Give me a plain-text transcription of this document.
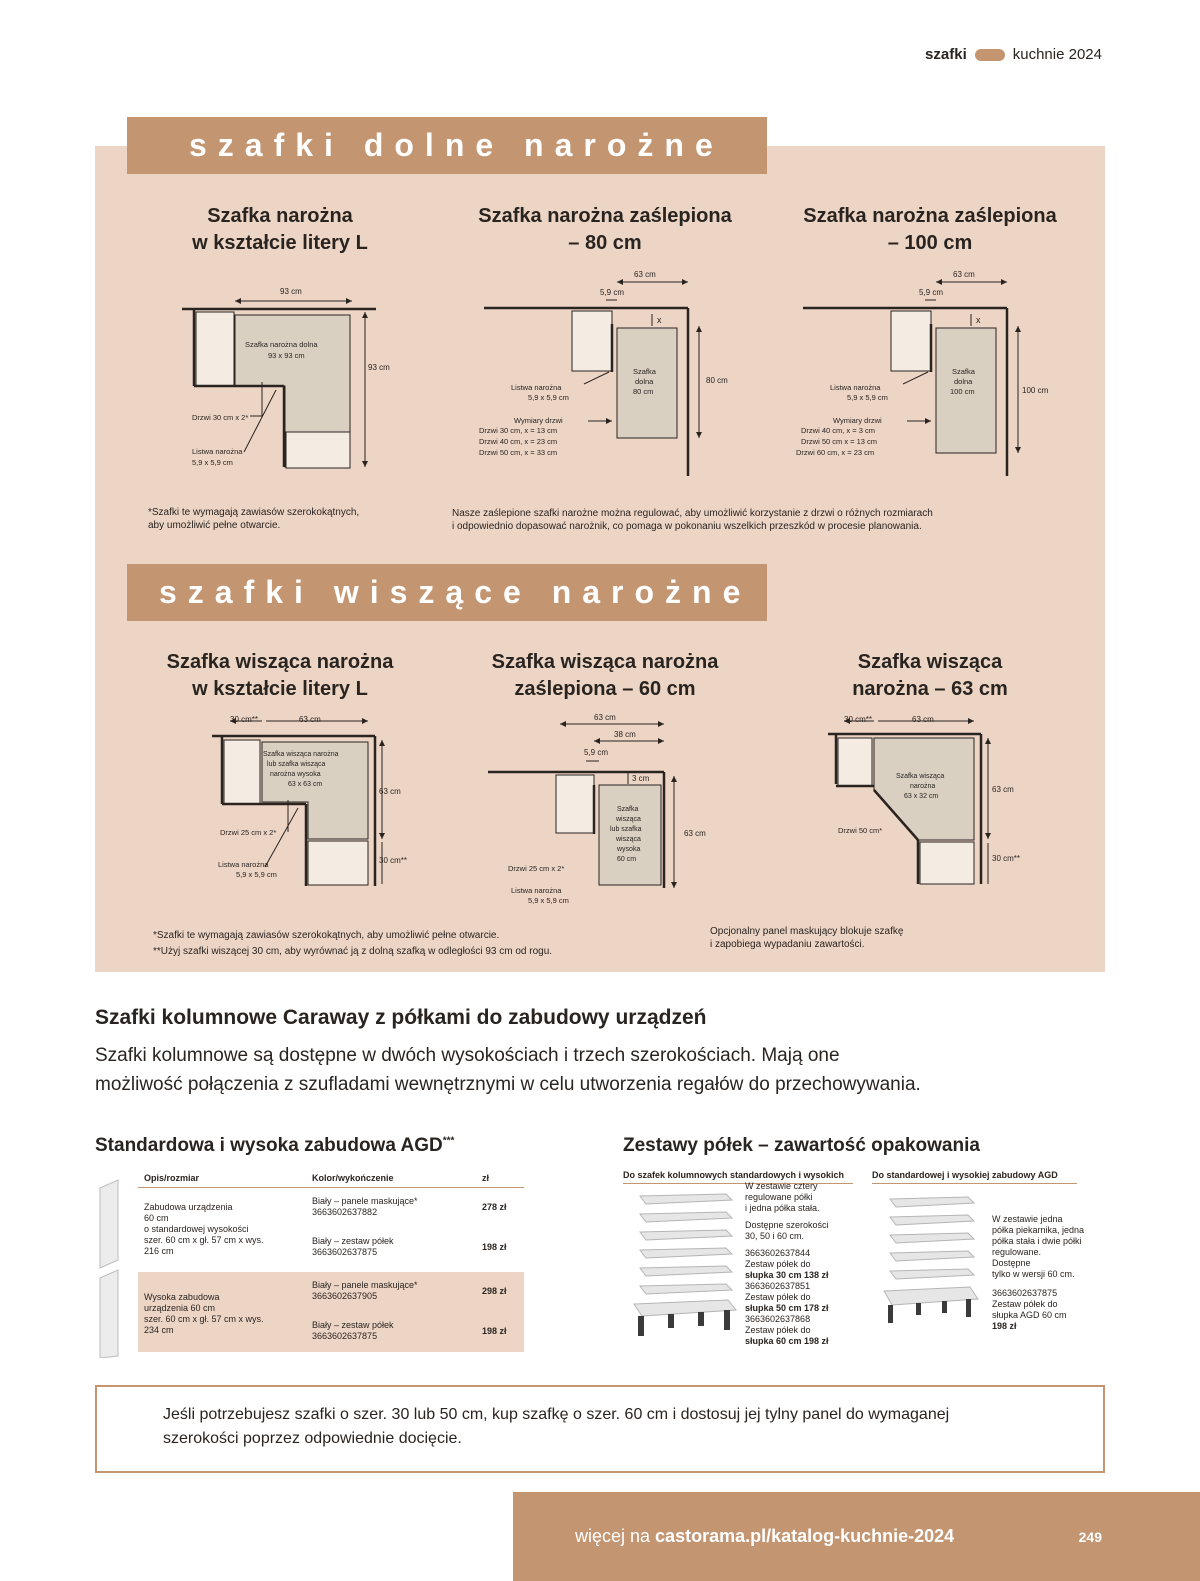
szafki	kuchnie 2024
szafki dolne narożne
Szafka narożna
w kształcie litery L
Szafka narożna zaślepiona
– 80 cm
Szafka narożna zaślepiona
– 100 cm
93 cm
93 cm
Szafka narożna dolna
93 x 93 cm
Drzwi 30 cm x 2*
Listwa narożna
5,9 x 5,9 cm
63 cm
5,9 cm
x
Szafka
dolna
80 cm
80 cm
Listwa narożna
5,9 x 5,9 cm
Wymiary drzwi
Drzwi 30 cm, x = 13 cm
Drzwi 40 cm, x = 23 cm
Drzwi 50 cm, x = 33 cm
63 cm
5,9 cm
x
Szafka
dolna
100 cm	100 cm
Listwa narożna
5,9 x 5,9 cm
Wymiary drzwi
Drzwi 40 cm, x = 3 cm
Drzwi 50 cm x = 13 cm
Drzwi 60 cm, x = 23 cm
*Szafki te wymagają zawiasów szerokokątnych,
aby umożliwić pełne otwarcie.
Nasze zaślepione szafki narożne można regulować, aby umożliwić korzystanie z drzwi o różnych rozmiarach
i odpowiednio dopasować narożnik, co pomaga w pokonaniu wszelkich przeszkód w procesie planowania.
szafki wiszące narożne
Szafka wisząca narożna
w kształcie litery L
Szafka wisząca narożna
zaślepiona – 60 cm
Szafka wisząca
narożna – 63 cm
30 cm**	63 cm
Szafka wisząca narożna
lub szafka wisząca
narożna wysoka
63 x 63 cm
63 cm
30 cm**
Drzwi 25 cm x 2*
Listwa narożna
5,9 x 5,9 cm
63 cm
38 cm
5,9 cm
3 cm
Szafka
wisząca
lub szafka
wisząca
wysoka
60 cm
63 cm
Drzwi 25 cm x 2*
Listwa narożna
5,9 x 5,9 cm
30 cm**	63 cm
Szafka wisząca
narożna
63 x 32 cm
63 cm
30 cm**
Drzwi 50 cm*
*Szafki te wymagają zawiasów szerokokątnych, aby umożliwić pełne otwarcie.
**Użyj szafki wiszącej 30 cm, aby wyrównać ją z dolną szafką w odległości 93 cm od rogu.
Opcjonalny panel maskujący blokuje szafkę
i zapobiega wypadaniu zawartości.
Szafki kolumnowe Caraway z półkami do zabudowy urządzeń
Szafki kolumnowe są dostępne w dwóch wysokościach i trzech szerokościach. Mają one
możliwość połączenia z szufladami wewnętrznymi w celu utworzenia regałów do przechowywania.
Standardowa i wysoka zabudowa AGD***
Opis/rozmiar	Kolor/wykończenie	zł
Zabudowa urządzenia
60 cm
o standardowej wysokości
szer. 60 cm x gł. 57 cm x wys.
216 cm
Biały – panele maskujące*
3663602637882	278 zł
Biały – zestaw półek
3663602637875	198 zł
Wysoka zabudowa
urządzenia 60 cm
szer. 60 cm x gł. 57 cm x wys.
234 cm
Biały – panele maskujące*
3663602637905	298 zł
Biały – zestaw półek
3663602637875	198 zł
Zestawy półek – zawartość opakowania
Do szafek kolumnowych standardowych i wysokich	Do standardowej i wysokiej zabudowy AGD
W zestawie cztery
regulowane półki
i jedna półka stała.
Dostępne szerokości
30, 50 i 60 cm.
3663602637844
Zestaw półek do
słupka 30 cm 138 zł
3663602637851
Zestaw półek do
słupka 50 cm 178 zł
3663602637868
Zestaw półek do
słupka 60 cm 198 zł
W zestawie jedna
półka piekarnika, jedna
półka stała i dwie półki
regulowane.
Dostępne
tylko w wersji 60 cm.
3663602637875
Zestaw półek do
słupka AGD 60 cm
198 zł
Jeśli potrzebujesz szafki o szer. 30 lub 50 cm, kup szafkę o szer. 60 cm i dostosuj jej tylny panel do wymaganej
szerokości poprzez odpowiednie docięcie.
więcej na castorama.pl/katalog-kuchnie-2024	249
